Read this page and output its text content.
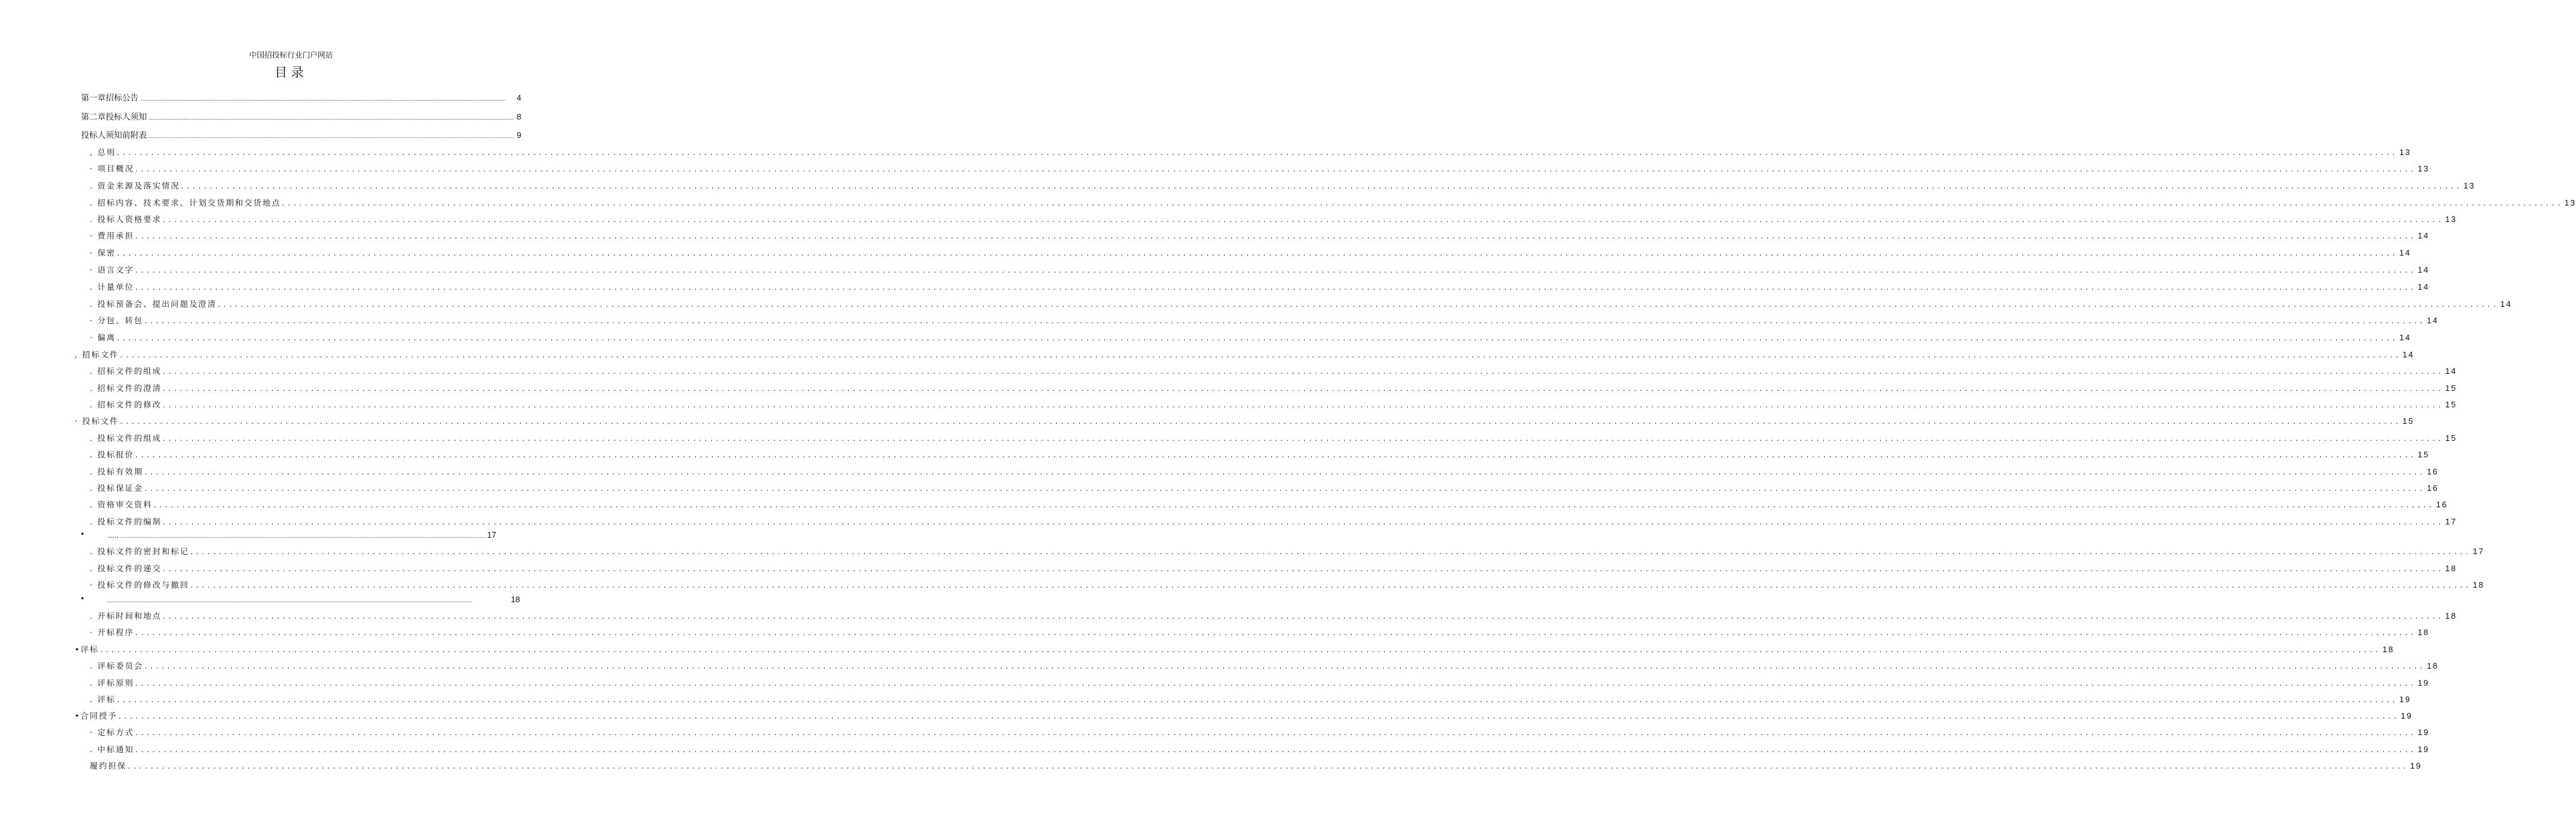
中国招投标行业门户网站
目录
第一章招标公告 ................................................................................................................................................................................................................................................................................................................................................................................................................	4
第二章投标人须知 ................................................................................................................................................................................................................................................................................................................................................................................................................ 8
投标人须知前附表 ................................................................................................................................................................................................................................................................................................................................................................................................................ 9
, 总则 ................................................................................................................................................................................................................................................................................................................................................................................................................ 13
· 项目概况 ................................................................................................................................................................................................................................................................................................................................................................................................................ 13
. 资金来源及落实情况 ................................................................................................................................................................................................................................................................................................................................................................................................................ 13
. 招标内容、技术要求、计划交货期和交货地点 ................................................................................................................................................................................................................................................................................................................................................................................................................ 13
. 投标人资格要求 ................................................................................................................................................................................................................................................................................................................................................................................................................ 13
· 费用承担 ................................................................................................................................................................................................................................................................................................................................................................................................................ 14
· 保密 ................................................................................................................................................................................................................................................................................................................................................................................................................ 14
· 语言文字 ................................................................................................................................................................................................................................................................................................................................................................................................................ 14
. 计量单位 ................................................................................................................................................................................................................................................................................................................................................................................................................ 14
. 投标预备会、提出问题及澄清 ................................................................................................................................................................................................................................................................................................................................................................................................................ 14
· 分包、转包 ................................................................................................................................................................................................................................................................................................................................................................................................................ 14
· 偏离 ................................................................................................................................................................................................................................................................................................................................................................................................................ 14
, 招标文件 ................................................................................................................................................................................................................................................................................................................................................................................................................ 14
. 招标文件的组成 ................................................................................................................................................................................................................................................................................................................................................................................................................ 14
. 招标文件的澄清 ................................................................................................................................................................................................................................................................................................................................................................................................................ 15
. 招标文件的修改 ................................................................................................................................................................................................................................................................................................................................................................................................................ 15
· 投标文件 ................................................................................................................................................................................................................................................................................................................................................................................................................ 15
. 投标文件的组成 ................................................................................................................................................................................................................................................................................................................................................................................................................ 15
. 投标报价 ................................................................................................................................................................................................................................................................................................................................................................................................................ 15
. 投标有效期 ................................................................................................................................................................................................................................................................................................................................................................................................................ 16
. 投标保证金 ................................................................................................................................................................................................................................................................................................................................................................................................................ 16
. 资格审交资料 ................................................................................................................................................................................................................................................................................................................................................................................................................ 16
. 投标文件的编制 ................................................................................................................................................................................................................................................................................................................................................................................................................ 17
•	..... ................................................................................................................................................................................................................................................................................................................................................................................................................ 17
. 投标文件的密封和标记 ................................................................................................................................................................................................................................................................................................................................................................................................................ 17
. 投标文件的递交 ................................................................................................................................................................................................................................................................................................................................................................................................................ 18
· 投标文件的修改与撤回 ................................................................................................................................................................................................................................................................................................................................................................................................................ 18
•	................................................................................................................................................................................................................................................................................................................................................................................................................	18
. 开标时间和地点 ................................................................................................................................................................................................................................................................................................................................................................................................................ 18
· 开标程序 ................................................................................................................................................................................................................................................................................................................................................................................................................ 18
•评标 ................................................................................................................................................................................................................................................................................................................................................................................................................ 18
. 评标委员会 ................................................................................................................................................................................................................................................................................................................................................................................................................ 18
. 评标原则 ................................................................................................................................................................................................................................................................................................................................................................................................................ 19
. 评标 ................................................................................................................................................................................................................................................................................................................................................................................................................ 19
•合同授予 ................................................................................................................................................................................................................................................................................................................................................................................................................ 19
· 定标方式 ................................................................................................................................................................................................................................................................................................................................................................................................................ 19
. 中标通知 ................................................................................................................................................................................................................................................................................................................................................................................................................ 19
履约担保 ................................................................................................................................................................................................................................................................................................................................................................................................................ 19
